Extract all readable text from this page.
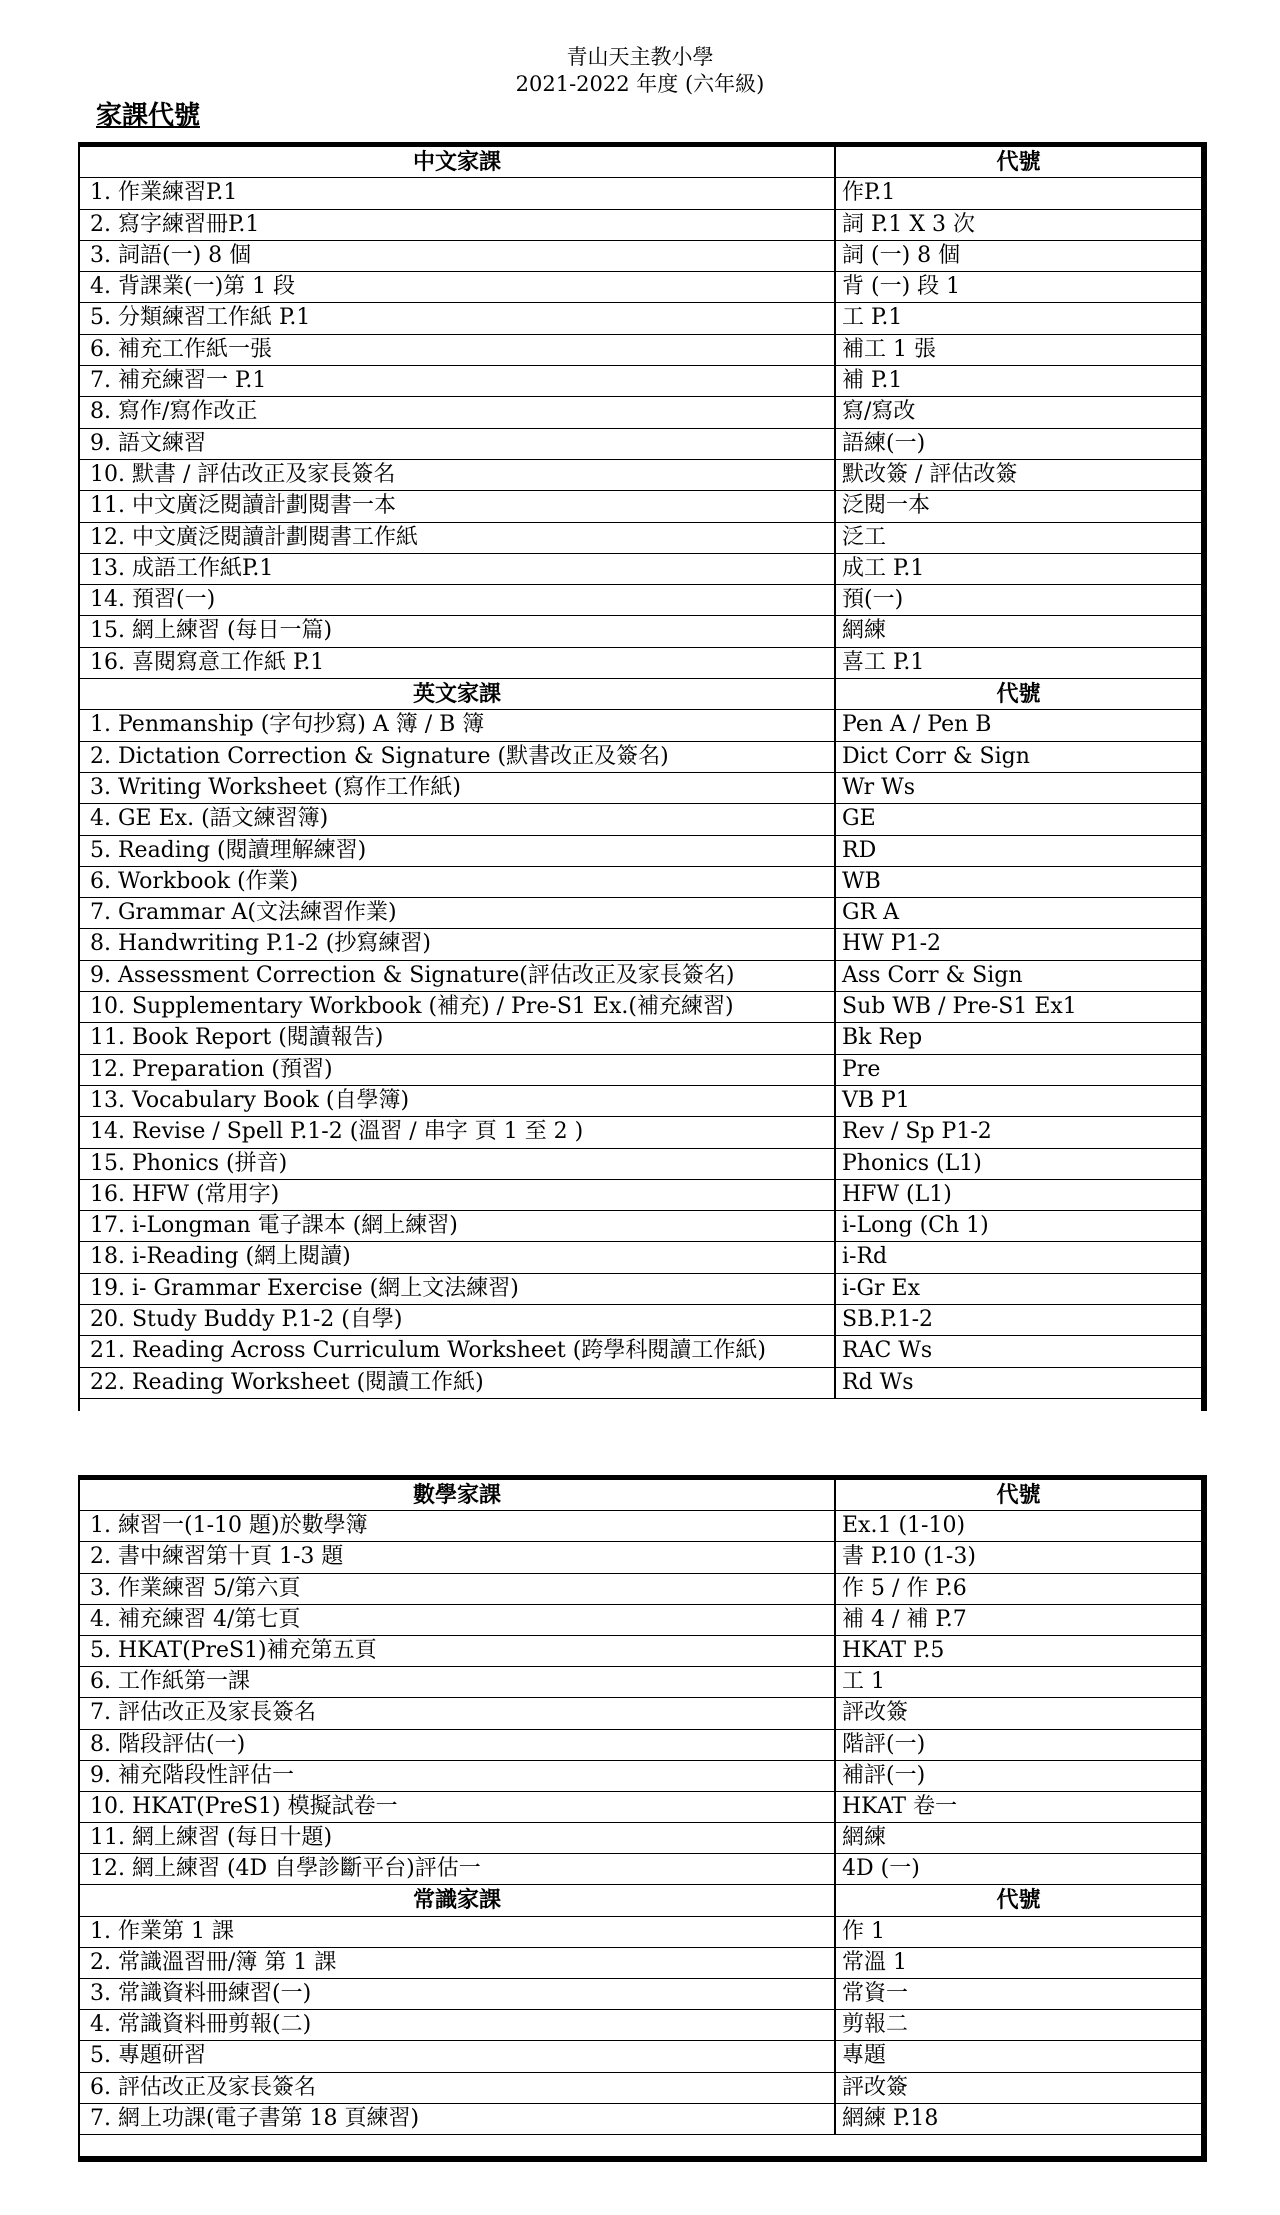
青山天主教小學
2021-2022 年度 (六年級)
家課代號
中文家課	代號
1. 作業練習P.1	作P.1
2. 寫字練習冊P.1	詞 P.1 X 3 次
3. 詞語(一) 8 個	詞 (一) 8 個
4. 背課業(一)第 1 段	背 (一) 段 1
5. 分類練習工作紙 P.1	工 P.1
6. 補充工作紙一張	補工 1 張
7. 補充練習一 P.1	補 P.1
8. 寫作/寫作改正	寫/寫改
9. 語文練習	語練(一)
10. 默書 / 評估改正及家長簽名	默改簽 / 評估改簽
11. 中文廣泛閱讀計劃閱書一本	泛閱一本
12. 中文廣泛閱讀計劃閱書工作紙	泛工
13. 成語工作紙P.1	成工 P.1
14. 預習(一)	預(一)
15. 網上練習 (每日一篇)	網練
16. 喜閱寫意工作紙 P.1	喜工 P.1
英文家課	代號
1. Penmanship (字句抄寫) A 簿 / B 簿	Pen A / Pen B
2. Dictation Correction & Signature (默書改正及簽名)	Dict Corr & Sign
3. Writing Worksheet (寫作工作紙)	Wr Ws
4. GE Ex. (語文練習簿)	GE
5. Reading (閱讀理解練習)	RD
6. Workbook (作業)	WB
7. Grammar A(文法練習作業)	GR A
8. Handwriting P.1-2 (抄寫練習)	HW P1-2
9. Assessment Correction & Signature(評估改正及家長簽名)	Ass Corr & Sign
10. Supplementary Workbook (補充) / Pre-S1 Ex.(補充練習)	Sub WB / Pre-S1 Ex1
11. Book Report (閱讀報告)	Bk Rep
12. Preparation (預習)	Pre
13. Vocabulary Book (自學簿)	VB P1
14. Revise / Spell P.1-2 (溫習 / 串字 頁 1 至 2 )	Rev / Sp P1-2
15. Phonics (拼音)	Phonics (L1)
16. HFW (常用字)	HFW (L1)
17. i-Longman 電子課本 (網上練習)	i-Long (Ch 1)
18. i-Reading (網上閱讀)	i-Rd
19. i- Grammar Exercise (網上文法練習)	i-Gr Ex
20. Study Buddy P.1-2 (自學)	SB.P.1-2
21. Reading Across Curriculum Worksheet (跨學科閱讀工作紙)	RAC Ws
22. Reading Worksheet (閱讀工作紙)	Rd Ws
數學家課	代號
1. 練習一(1-10 題)於數學簿	Ex.1 (1-10)
2. 書中練習第十頁 1-3 題	書 P.10 (1-3)
3. 作業練習 5/第六頁	作 5 / 作 P.6
4. 補充練習 4/第七頁	補 4 / 補 P.7
5. HKAT(PreS1)補充第五頁	HKAT P.5
6. 工作紙第一課	工 1
7. 評估改正及家長簽名	評改簽
8. 階段評估(一)	階評(一)
9. 補充階段性評估一	補評(一)
10. HKAT(PreS1) 模擬試卷一	HKAT 卷一
11. 網上練習 (每日十題)	網練
12. 網上練習 (4D 自學診斷平台)評估一	4D (一)
常識家課	代號
1. 作業第 1 課	作 1
2. 常識溫習冊/簿 第 1 課	常溫 1
3. 常識資料冊練習(一)	常資一
4. 常識資料冊剪報(二)	剪報二
5. 專題研習	專題
6. 評估改正及家長簽名	評改簽
7. 網上功課(電子書第 18 頁練習)	網練 P.18
